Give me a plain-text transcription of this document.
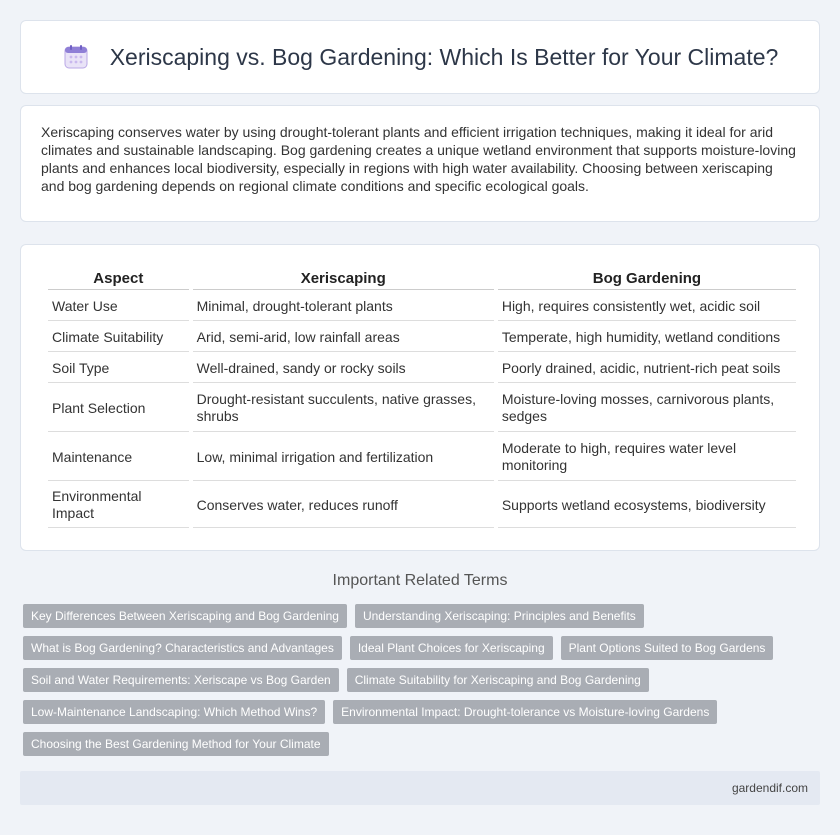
Xeriscaping vs. Bog Gardening: Which Is Better for Your Climate?

Xeriscaping conserves water by using drought-tolerant plants and efficient irrigation techniques, making it ideal for arid climates and sustainable landscaping. Bog gardening creates a unique wetland environment that supports moisture-loving plants and enhances local biodiversity, especially in regions with high water availability. Choosing between xeriscaping and bog gardening depends on regional climate conditions and specific ecological goals.

Aspect	Xeriscaping	Bog Gardening
Water Use	Minimal, drought-tolerant plants	High, requires consistently wet, acidic soil
Climate Suitability	Arid, semi-arid, low rainfall areas	Temperate, high humidity, wetland conditions
Soil Type	Well-drained, sandy or rocky soils	Poorly drained, acidic, nutrient-rich peat soils
Plant Selection	Drought-resistant succulents, native grasses, shrubs	Moisture-loving mosses, carnivorous plants, sedges
Maintenance	Low, minimal irrigation and fertilization	Moderate to high, requires water level monitoring
Environmental Impact	Conserves water, reduces runoff	Supports wetland ecosystems, biodiversity
Important Related Terms
Key Differences Between Xeriscaping and Bog Gardening	Understanding Xeriscaping: Principles and Benefits
What is Bog Gardening? Characteristics and Advantages	Ideal Plant Choices for Xeriscaping	Plant Options Suited to Bog Gardens
Soil and Water Requirements: Xeriscape vs Bog Garden	Climate Suitability for Xeriscaping and Bog Gardening
Low-Maintenance Landscaping: Which Method Wins?	Environmental Impact: Drought-tolerance vs Moisture-loving Gardens
Choosing the Best Gardening Method for Your Climate
gardendif.com
